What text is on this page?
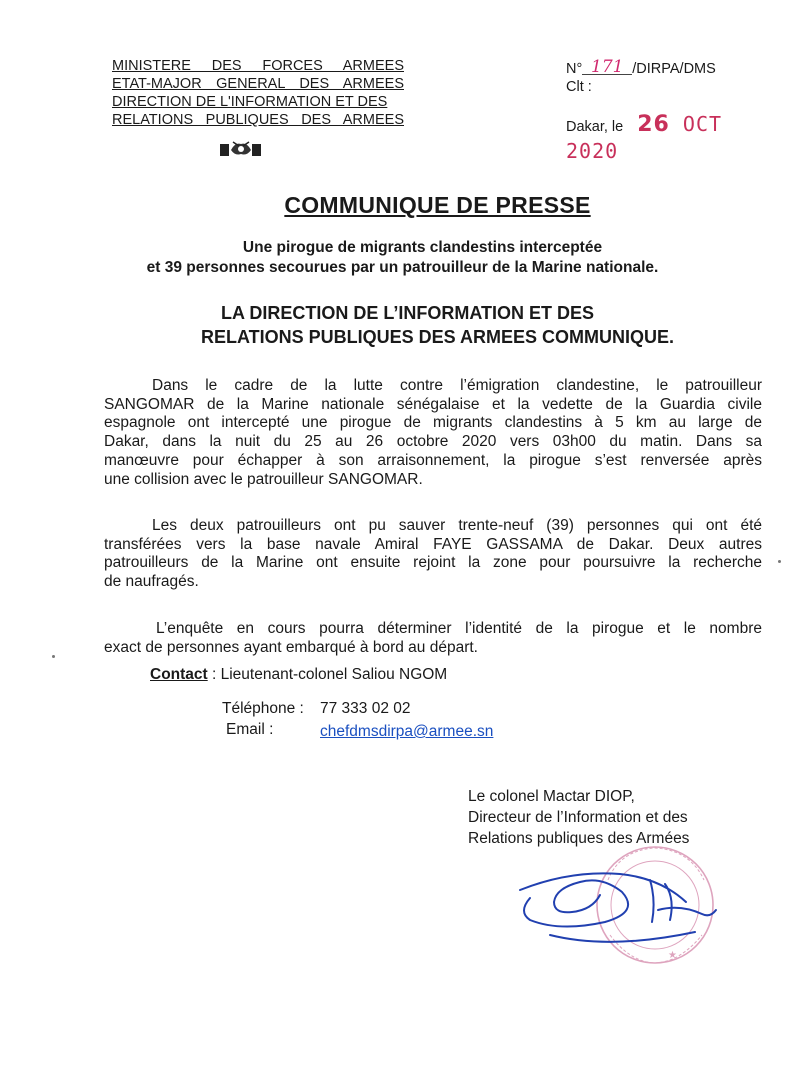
MINISTERE DES FORCES ARMEES
ETAT-MAJOR GENERAL DES ARMEES
DIRECTION DE L'INFORMATION ET DES
RELATIONS PUBLIQUES DES ARMEES
N° 171 /DIRPA/DMS
Clt :
Dakar, le 26 OCT 2020
COMMUNIQUE DE PRESSE
Une pirogue de migrants clandestins interceptée
et 39 personnes secourues par un patrouilleur de la Marine nationale.
LA DIRECTION DE L’INFORMATION ET DES
RELATIONS PUBLIQUES DES ARMEES COMMUNIQUE.
Dans le cadre de la lutte contre l’émigration clandestine, le patrouilleur
SANGOMAR de la Marine nationale sénégalaise et la vedette de la Guardia civile
espagnole ont intercepté une pirogue de migrants clandestins à 5 km au large de
Dakar, dans la nuit du 25 au 26 octobre 2020 vers 03h00 du matin. Dans sa
manœuvre pour échapper à son arraisonnement, la pirogue s’est renversée après
une collision avec le patrouilleur SANGOMAR.
Les deux patrouilleurs ont pu sauver trente-neuf (39) personnes qui ont été
transférées vers la base navale Amiral FAYE GASSAMA de Dakar. Deux autres
patrouilleurs de la Marine ont ensuite rejoint la zone pour poursuivre la recherche
de naufragés.
L’enquête en cours pourra déterminer l’identité de la pirogue et le nombre
exact de personnes ayant embarqué à bord au départ.
Contact : Lieutenant-colonel Saliou NGOM
Téléphone : 77 333 02 02
Email :	chefdmsdirpa@armee.sn
Le colonel Mactar DIOP,
Directeur de l’Information et des
Relations publiques des Armées
★
